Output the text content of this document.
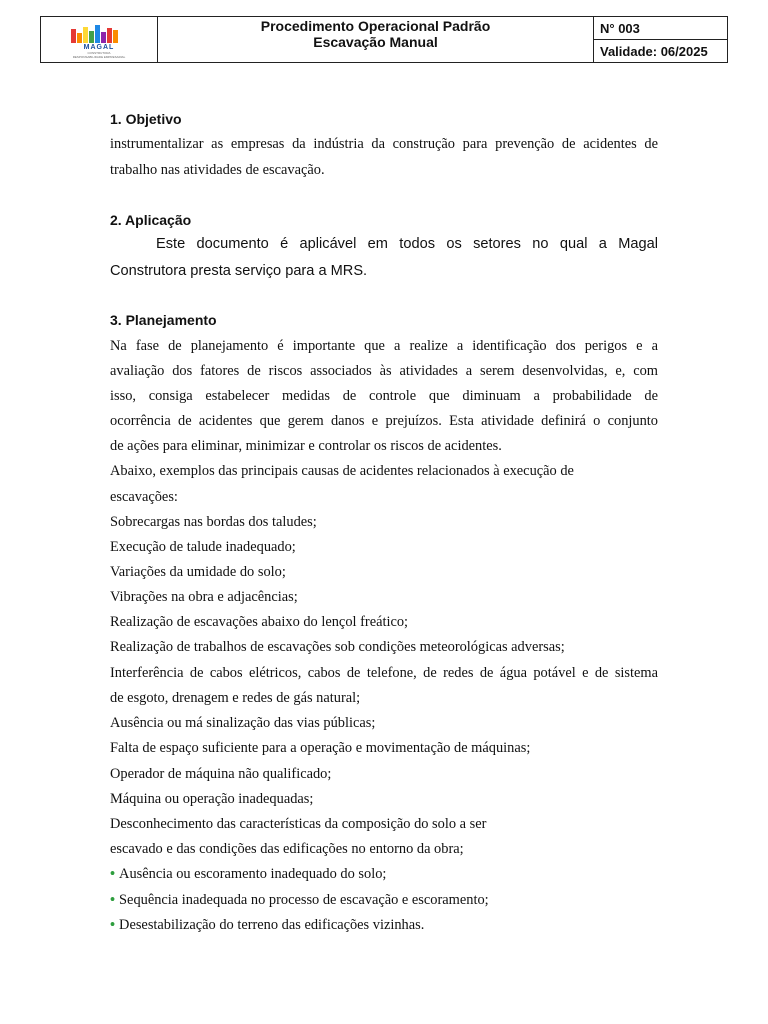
MAGAL
CONSTRUTORA
RESPONSABILIDADE EMPRESARIAL
Procedimento Operacional Padrão
Escavação Manual
N° 003
Validade: 06/2025
1. Objetivo
instrumentalizar as empresas da indústria da construção para prevenção de acidentes de
trabalho nas atividades de escavação.
2. Aplicação
Este documento é aplicável em todos os setores no qual a Magal
Construtora presta serviço para a MRS.
3. Planejamento
Na fase de planejamento é importante que a realize a identificação dos perigos e a
avaliação dos fatores de riscos associados às atividades a serem desenvolvidas, e, com
isso, consiga estabelecer medidas de controle que diminuam a probabilidade de
ocorrência de acidentes que gerem danos e prejuízos. Esta atividade definirá o conjunto
de ações para eliminar, minimizar e controlar os riscos de acidentes.
Abaixo, exemplos das principais causas de acidentes relacionados à execução de
escavações:
Sobrecargas nas bordas dos taludes;
Execução de talude inadequado;
Variações da umidade do solo;
Vibrações na obra e adjacências;
Realização de escavações abaixo do lençol freático;
Realização de trabalhos de escavações sob condições meteorológicas adversas;
Interferência de cabos elétricos, cabos de telefone, de redes de água potável e de sistema
de esgoto, drenagem e redes de gás natural;
Ausência ou má sinalização das vias públicas;
Falta de espaço suficiente para a operação e movimentação de máquinas;
Operador de máquina não qualificado;
Máquina ou operação inadequadas;
Desconhecimento das características da composição do solo a ser
escavado e das condições das edificações no entorno da obra;
• Ausência ou escoramento inadequado do solo;
• Sequência inadequada no processo de escavação e escoramento;
• Desestabilização do terreno das edificações vizinhas.
